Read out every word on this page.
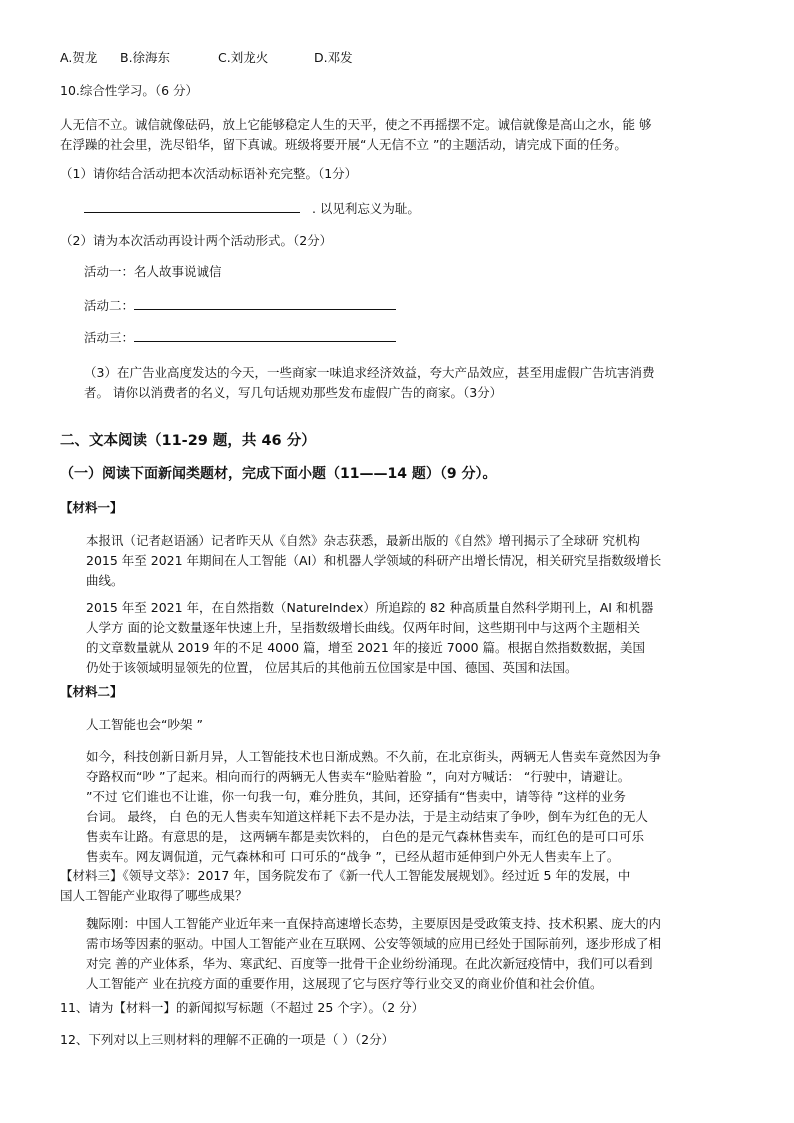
A.贺龙 B.徐海东	C.刘龙火	D.邓发
10.综合性学习。（6 分）
人无信不立。诚信就像砝码，放上它能够稳定人生的天平，使之不再摇摆不定。诚信就像是高山之水，能 够
在浮躁的社会里，洗尽铅华，留下真诚。班级将要开展“人无信不立 ”的主题活动，请完成下面的任务。
（1）请你结合活动把本次活动标语补充完整。（1分）
. 以见利忘义为耻。
（2）请为本次活动再设计两个活动形式。（2分）
活动一：名人故事说诚信
活动二：
活动三：
（3）在广告业高度发达的今天，一些商家一味追求经济效益，夸大产品效应，甚至用虚假广告坑害消费
者。 请你以消费者的名义，写几句话规劝那些发布虚假广告的商家。（3分）
二、文本阅读（11-29 题，共 46 分）
（一）阅读下面新闻类题材，完成下面小题（11——14 题）（9 分）。
【材料一】
本报讯（记者赵语涵）记者昨天从《自然》杂志获悉，最新出版的《自然》增刊揭示了全球研 究机构
2015 年至 2021 年期间在人工智能（AI）和机器人学领域的科研产出增长情况，相关研究呈指数级增长
曲线。
2015 年至 2021 年，在自然指数（NatureIndex）所追踪的 82 种高质量自然科学期刊上，AI 和机器
人学方 面的论文数量逐年快速上升，呈指数级增长曲线。仅两年时间，这些期刊中与这两个主题相关
的文章数量就从 2019 年的不足 4000 篇，增至 2021 年的接近 7000 篇。根据自然指数数据，美国
仍处于该领域明显领先的位置， 位居其后的其他前五位国家是中国、德国、英国和法国。
【材料二】
人工智能也会“吵架 ”
如今，科技创新日新月异，人工智能技术也日渐成熟。不久前，在北京街头，两辆无人售卖车竟然因为争
夺路权而“吵 ”了起来。相向而行的两辆无人售卖车“脸贴着脸 ”，向对方喊话： “行驶中，请避让。
”不过 它们谁也不让谁，你一句我一句，难分胜负，其间，还穿插有“售卖中，请等待 ”这样的业务
台词。 最终， 白 色的无人售卖车知道这样耗下去不是办法，于是主动结束了争吵，倒车为红色的无人
售卖车让路。有意思的是， 这两辆车都是卖饮料的， 白色的是元气森林售卖车，而红色的是可口可乐
售卖车。网友调侃道，元气森林和可 口可乐的“战争 ”，已经从超市延伸到户外无人售卖车上了。
【材料三】《领导文萃》：2017 年，国务院发布了《新一代人工智能发展规划》。经过近 5 年的发展，中
国人工智能产业取得了哪些成果？
魏际刚：中国人工智能产业近年来一直保持高速增长态势，主要原因是受政策支持、技术积累、庞大的内
需市场等因素的驱动。中国人工智能产业在互联网、公安等领域的应用已经处于国际前列，逐步形成了相
对完 善的产业体系，华为、寒武纪、百度等一批骨干企业纷纷涌现。在此次新冠疫情中，我们可以看到
人工智能产 业在抗疫方面的重要作用，这展现了它与医疗等行业交叉的商业价值和社会价值。
11、请为【材料一】的新闻拟写标题（不超过 25 个字）。（2 分）
12、下列对以上三则材料的理解不正确的一项是（ ）（2分）
